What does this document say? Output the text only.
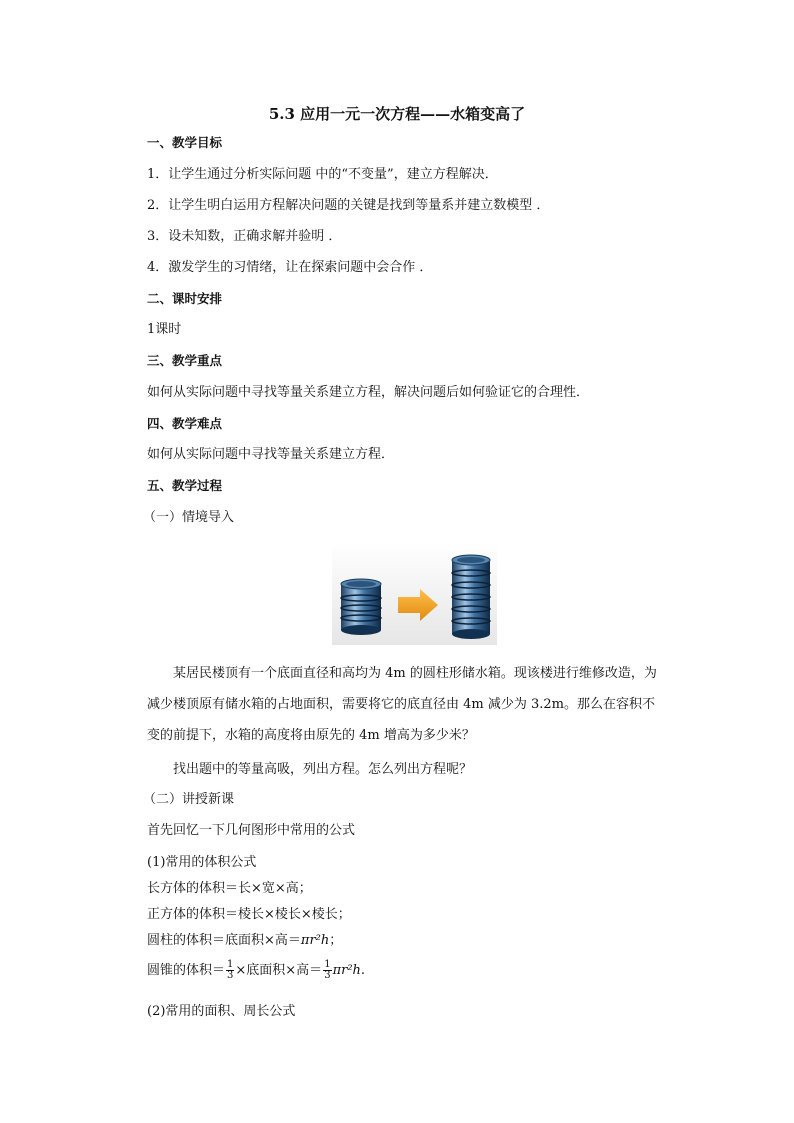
5.3 应用一元一次方程——水箱变高了
一、教学目标
1．让学生通过分析实际问题 中的“不变量”，建立方程解决．
2．让学生明白运用方程解决问题的关键是找到等量系并建立数模型 ．
3．设未知数，正确求解并验明 ．
4．激发学生的习情绪，让在探索问题中会合作 ．
二、课时安排
1课时
三、教学重点
如何从实际问题中寻找等量关系建立方程，解决问题后如何验证它的合理性．
四、教学难点
如何从实际问题中寻找等量关系建立方程．
五、教学过程
（一）情境导入
某居民楼顶有一个底面直径和高均为 4m 的圆柱形储水箱。现该楼进行维修改造，为减少楼顶原有储水箱的占地面积，需要将它的底直径由 4m 减少为 3.2m。那么在容积不变的前提下，水箱的高度将由原先的 4m 增高为多少米？
找出题中的等量高吸，列出方程。怎么列出方程呢？
（二）讲授新课
首先回忆一下几何图形中常用的公式
(1)常用的体积公式
长方体的体积＝长×宽×高；
正方体的体积＝棱长×棱长×棱长；
圆柱的体积＝底面积×高＝πr²h；
圆锥的体积＝ $\frac{1}{3}$ ×底面积×高＝ $\frac{1}{3} \pi r^2h$.
(2)常用的面积、周长公式
